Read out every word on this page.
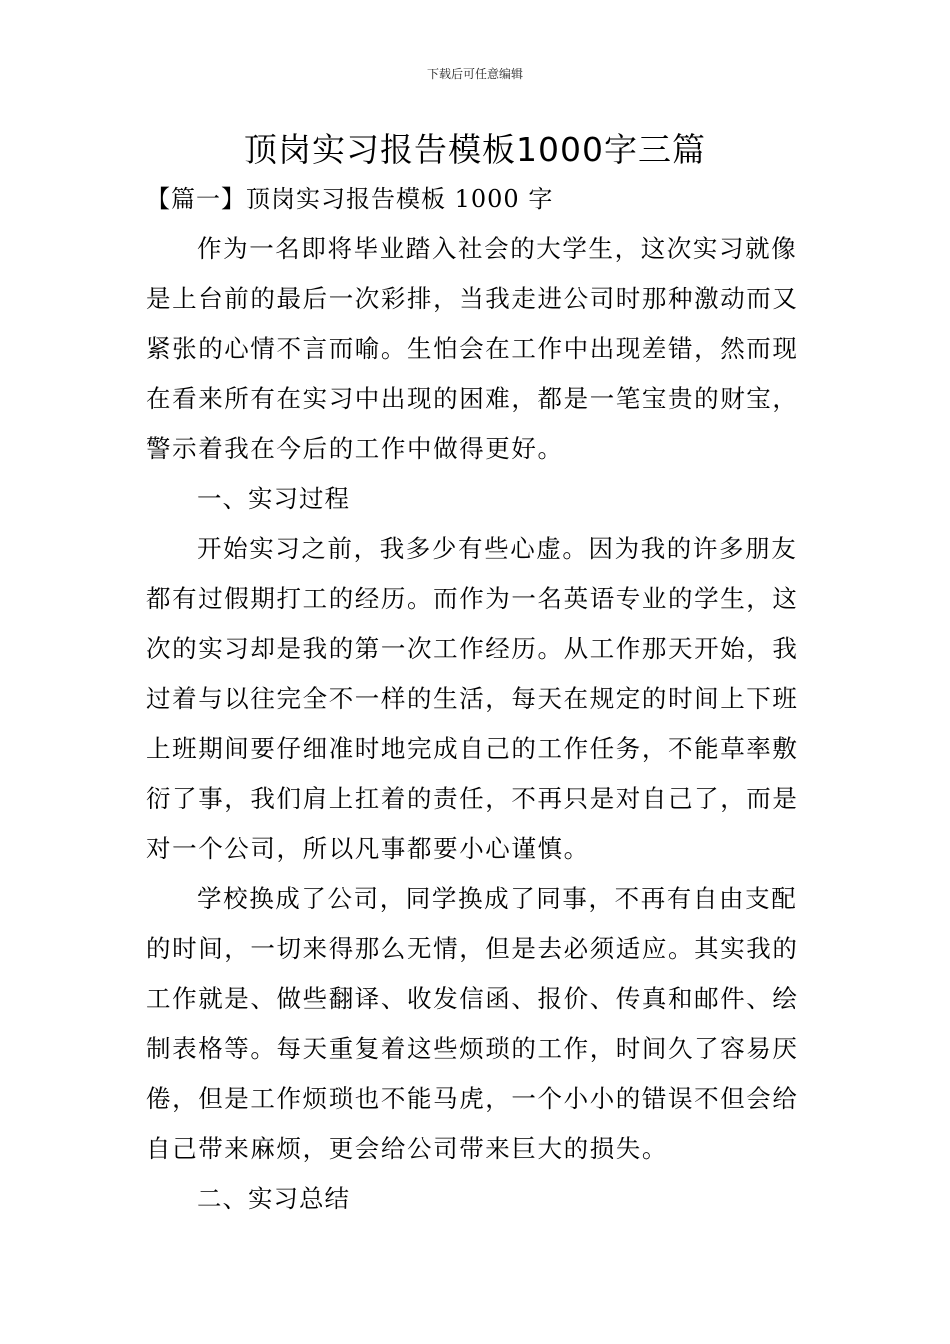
下载后可任意编辑
顶岗实习报告模板1000字三篇
【篇一】顶岗实习报告模板 1000 字
作为一名即将毕业踏入社会的大学生，这次实习就像
是上台前的最后一次彩排，当我走进公司时那种激动而又
紧张的心情不言而喻。生怕会在工作中出现差错，然而现
在看来所有在实习中出现的困难，都是一笔宝贵的财宝，
警示着我在今后的工作中做得更好。
一、实习过程
开始实习之前，我多少有些心虚。因为我的许多朋友
都有过假期打工的经历。而作为一名英语专业的学生，这
次的实习却是我的第一次工作经历。从工作那天开始，我
过着与以往完全不一样的生活，每天在规定的时间上下班
上班期间要仔细准时地完成自己的工作任务，不能草率敷
衍了事，我们肩上扛着的责任，不再只是对自己了，而是
对一个公司，所以凡事都要小心谨慎。
学校换成了公司，同学换成了同事，不再有自由支配
的时间，一切来得那么无情，但是去必须适应。其实我的
工作就是、做些翻译、收发信函、报价、传真和邮件、绘
制表格等。每天重复着这些烦琐的工作，时间久了容易厌
倦，但是工作烦琐也不能马虎，一个小小的错误不但会给
自己带来麻烦，更会给公司带来巨大的损失。
二、实习总结
